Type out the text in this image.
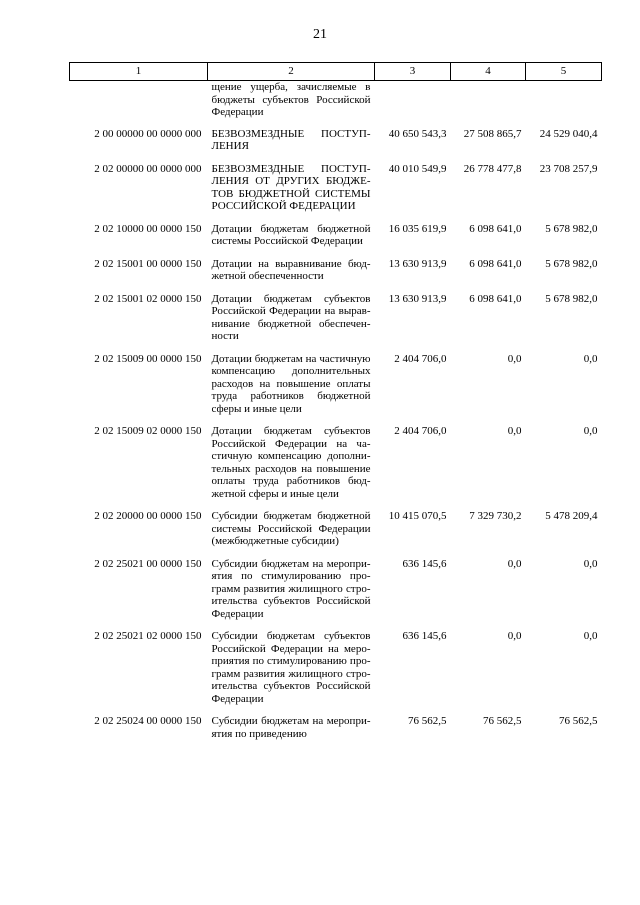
21
1	2	3	4	5
	щение ущерба, зачисляемые в бюджеты субъектов Российской Федерации			
2 00 00000 00 0000 000	БЕЗВОЗМЕЗДНЫЕ ПОСТУПЛЕНИЯ	40 650 543,3	27 508 865,7	24 529 040,4
2 02 00000 00 0000 000	БЕЗВОЗМЕЗДНЫЕ ПОСТУПЛЕНИЯ ОТ ДРУГИХ БЮДЖЕТОВ БЮДЖЕТНОЙ СИСТЕМЫ РОССИЙСКОЙ ФЕДЕРАЦИИ	40 010 549,9	26 778 477,8	23 708 257,9
2 02 10000 00 0000 150	Дотации бюджетам бюджетной системы Российской Федерации	16 035 619,9	6 098 641,0	5 678 982,0
2 02 15001 00 0000 150	Дотации на выравнивание бюджетной обеспеченности	13 630 913,9	6 098 641,0	5 678 982,0
2 02 15001 02 0000 150	Дотации бюджетам субъектов Российской Федерации на выравнивание бюджетной обеспеченности	13 630 913,9	6 098 641,0	5 678 982,0
2 02 15009 00 0000 150	Дотации бюджетам на частичную компенсацию дополнительных расходов на повышение оплаты труда работников бюджетной сферы и иные цели	2 404 706,0	0,0	0,0
2 02 15009 02 0000 150	Дотации бюджетам субъектов Российской Федерации на частичную компенсацию дополнительных расходов на повышение оплаты труда работников бюджетной сферы и иные цели	2 404 706,0	0,0	0,0
2 02 20000 00 0000 150	Субсидии бюджетам бюджетной системы Российской Федерации (межбюджетные субсидии)	10 415 070,5	7 329 730,2	5 478 209,4
2 02 25021 00 0000 150	Субсидии бюджетам на мероприятия по стимулированию программ развития жилищного строительства субъектов Российской Федерации	636 145,6	0,0	0,0
2 02 25021 02 0000 150	Субсидии бюджетам субъектов Российской Федерации на мероприятия по стимулированию программ развития жилищного строительства субъектов Российской Федерации	636 145,6	0,0	0,0
2 02 25024 00 0000 150	Субсидии бюджетам на мероприятия по приведению	76 562,5	76 562,5	76 562,5
